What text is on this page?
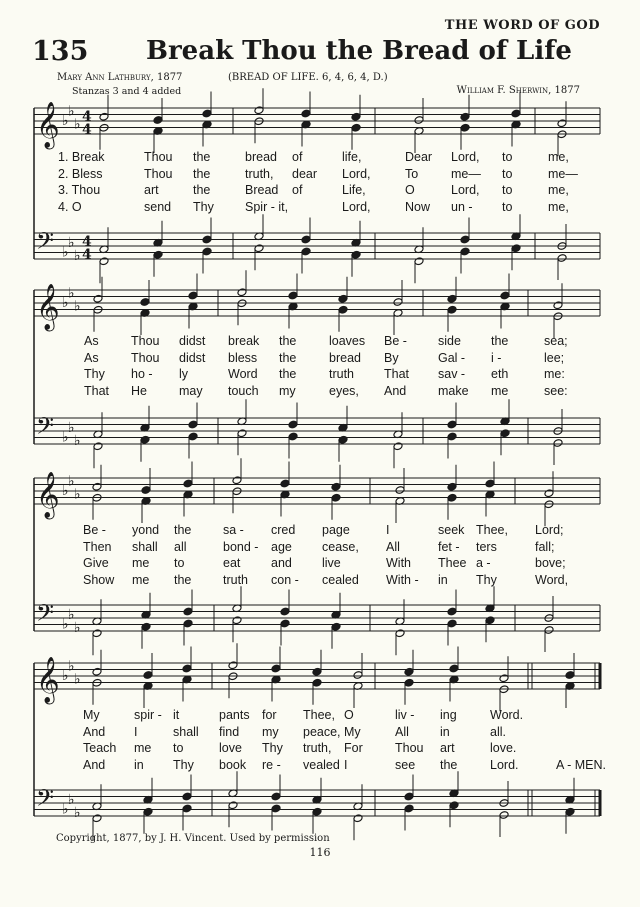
THE WORD OF GOD
135 Break Thou the Bread of Life
Mary Ann Lathbury, 1877	(BREAD OF LIFE. 6, 4, 6, 4, D.)
Stanzas 3 and 4 added	William F. Sherwin, 1877
𝄞 ♭
♭
♭ 4
4
𝄢 ♭
♭
♭
4
4
𝄞 ♭
♭
♭
𝄢 ♭
♭
♭
𝄞 ♭
♭
♭
𝄢 ♭
♭
♭
𝄞 ♭
♭
♭
𝄢 ♭
♭
♭
1. Break	Thou the	bread of	life,	Dear Lord, to	me,
2. Bless	Thou the	truth, dear Lord,	To	me— to	me—
3. Thou	art	the	Bread of	Life,	O	Lord, to	me,
4. O	send Thy Spir - it,	Lord,	Now un - to	me,
As	Thou didst break the	loaves Be - side the	sea;
As	Thou didst bless the	bread By	Gal - i -	lee;
Thy ho - ly	Word the	truth That sav - eth	me:
That He	may touch my	eyes, And	make me	see:
Be - yond the	sa - cred page	I	seek Thee, Lord;
Then shall all	bond - age cease, All	fet - ters	fall;
Give me to	eat and live	With Thee a -	bove;
Show me the	truth con - cealed With - in Thy	Word,
My	spir - it	pants for Thee, O	liv - ing	Word.
And I	shall find my peace, My	All in	all.
Teach me to	love Thy truth, For	Thou art	love.
And in Thy book re - vealed I	see the	Lord.	A - MEN.
Copyright, 1877, by J. H. Vincent. Used by permission
116
